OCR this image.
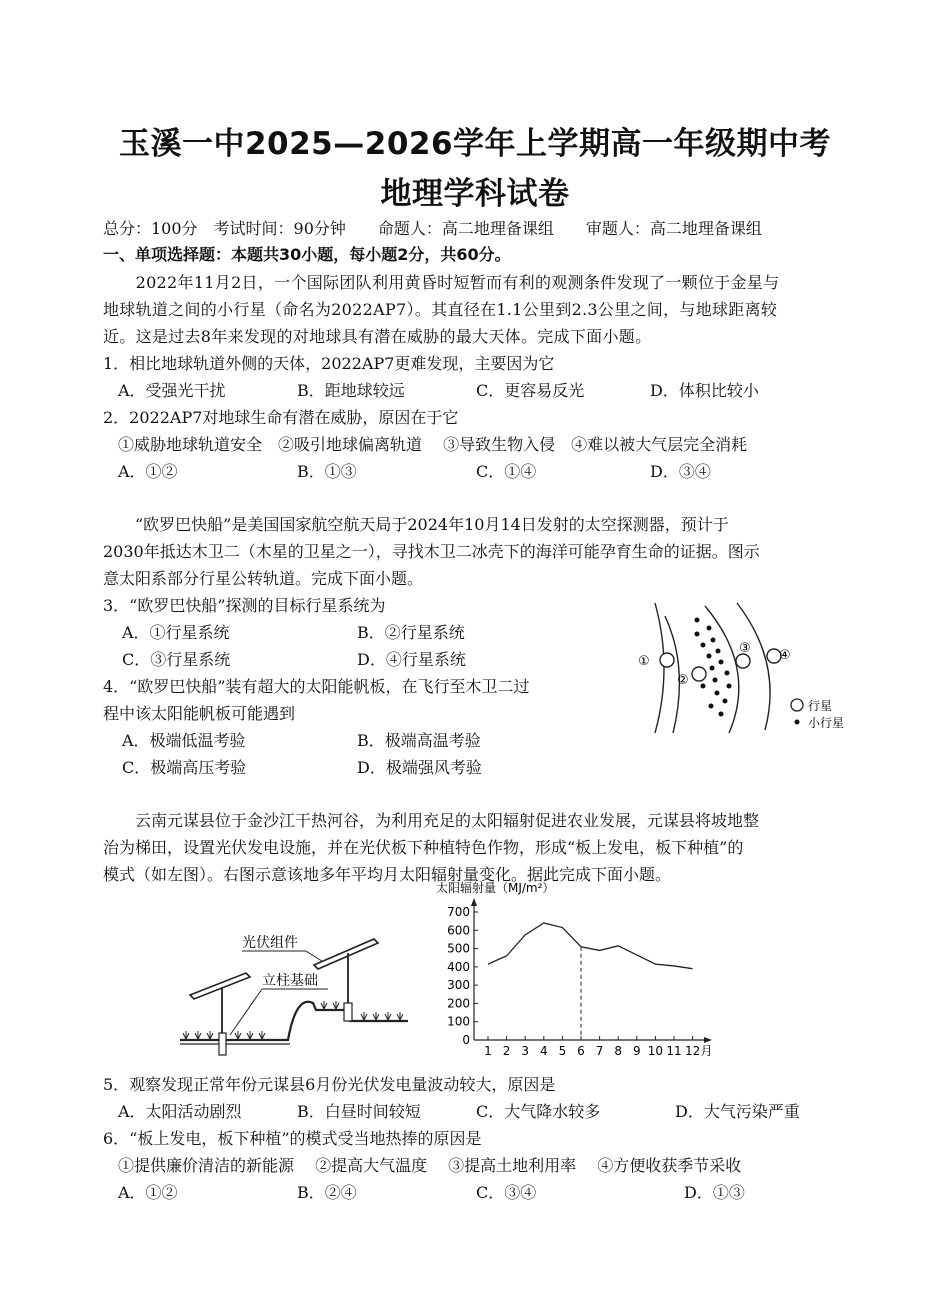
玉溪一中2025—2026学年上学期高一年级期中考
地理学科试卷
总分：100分　考试时间：90分钟　　命题人：高二地理备课组　　审题人：高二地理备课组
一、单项选择题：本题共30小题，每小题2分，共60分。
　　2022年11月2日，一个国际团队利用黄昏时短暂而有利的观测条件发现了一颗位于金星与
地球轨道之间的小行星（命名为2022AP7）。其直径在1.1公里到2.3公里之间，与地球距离较
近。这是过去8年来发现的对地球具有潜在威胁的最大天体。完成下面小题。
1．相比地球轨道外侧的天体，2022AP7更难发现，主要因为它
A．受强光干扰	B．距地球较远	C．更容易反光	D．体积比较小
2．2022AP7对地球生命有潜在威胁，原因在于它
①威胁地球轨道安全　②吸引地球偏离轨道　 ③导致生物入侵　④难以被大气层完全消耗
A．①②	B．①③	C．①④	D．③④
　　“欧罗巴快船”是美国国家航空航天局于2024年10月14日发射的太空探测器，预计于
2030年抵达木卫二（木星的卫星之一），寻找木卫二冰壳下的海洋可能孕育生命的证据。图示
意太阳系部分行星公转轨道。完成下面小题。
3．“欧罗巴快船”探测的目标行星系统为
A．①行星系统	B．②行星系统
C．③行星系统	D．④行星系统
4．“欧罗巴快船”装有超大的太阳能帆板，在飞行至木卫二过
程中该太阳能帆板可能遇到
A．极端低温考验	B．极端高温考验
C．极端高压考验	D．极端强风考验
①
②
③ ④
行星
小行星
　　云南元谋县位于金沙江干热河谷，为利用充足的太阳辐射促进农业发展，元谋县将坡地整
治为梯田，设置光伏发电设施，并在光伏板下种植特色作物，形成“板上发电，板下种植”的
模式（如左图）。右图示意该地多年平均月太阳辐射量变化。据此完成下面小题。
光伏组件
立柱基础
太阳辐射量（MJ/m²）
0
100
200
300
400
500
600
700
1 2 3 4 5 6 7 8 9 10 11 12 月
5．观察发现正常年份元谋县6月份光伏发电量波动较大，原因是
A．太阳活动剧烈	B．白昼时间较短	C．大气降水较多	D．大气污染严重
6．“板上发电，板下种植”的模式受当地热捧的原因是
①提供廉价清洁的新能源　 ②提高大气温度　 ③提高土地利用率　 ④方便收获季节采收
A．①②	B．②④	C．③④	D．①③
